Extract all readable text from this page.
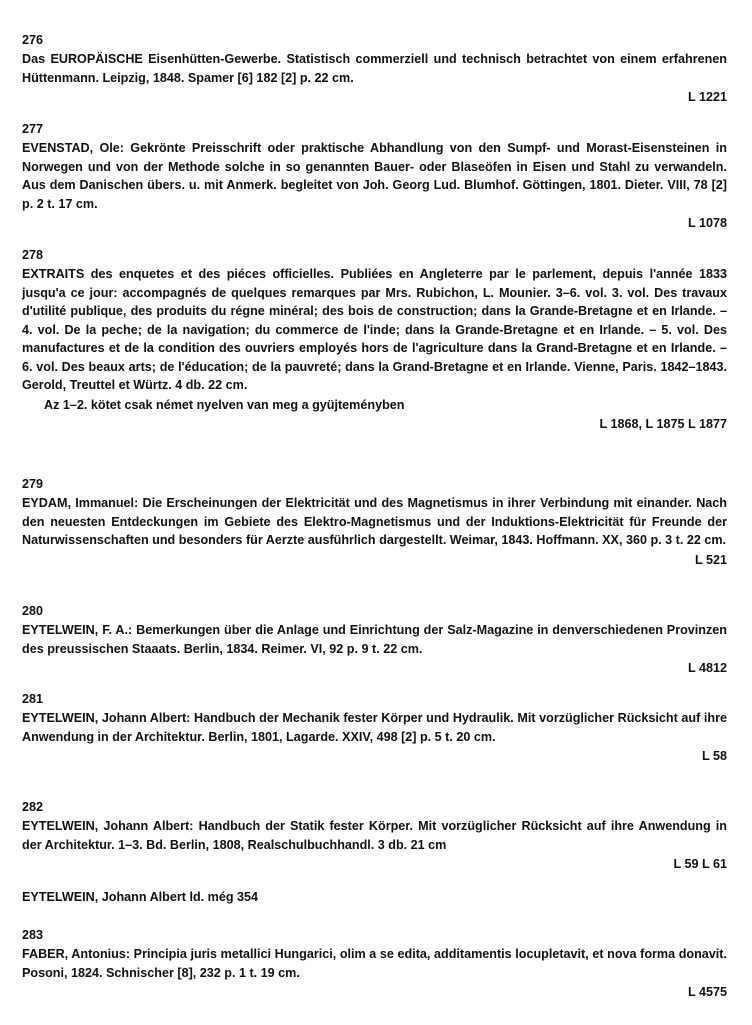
276
Das EUROPÄISCHE Eisenhütten-Gewerbe. Statistisch commerziell und technisch betrachtet von einem erfahrenen Hüttenmann. Leipzig, 1848. Spamer [6] 182 [2] p. 22 cm.
L 1221
277
EVENSTAD, Ole: Gekrönte Preisschrift oder praktische Abhandlung von den Sumpf- und Morast-Eisensteinen in Norwegen und von der Methode solche in so genannten Bauer- oder Blaseöfen in Eisen und Stahl zu verwandeln. Aus dem Danischen übers. u. mit Anmerk. begleitet von Joh. Georg Lud. Blumhof. Göttingen, 1801. Dieter. VIII, 78 [2] p. 2 t. 17 cm.
L 1078
278
EXTRAITS des enquetes et des piéces officielles. Publiées en Angleterre par le parlement, depuis l'année 1833 jusqu'a ce jour: accompagnés de quelques remarques par Mrs. Rubichon, L. Mounier. 3–6. vol. 3. vol. Des travaux d'utilité publique, des produits du régne minéral; des bois de construction; dans la Grande-Bretagne et en Irlande. – 4. vol. De la peche; de la navigation; du commerce de l'inde; dans la Grande-Bretagne et en Irlande. – 5. vol. Des manufactures et de la condition des ouvriers employés hors de l'agriculture dans la Grand-Bretagne et en Irlande. – 6. vol. Des beaux arts; de l'éducation; de la pauvreté; dans la Grand-Bretagne et en Irlande. Vienne, Paris. 1842–1843. Gerold, Treuttel et Würtz. 4 db. 22 cm.
Az 1–2. kötet csak német nyelven van meg a gyüjteményben
L 1868, L 1875 L 1877
279
EYDAM, Immanuel: Die Erscheinungen der Elektricität und des Magnetismus in ihrer Verbindung mit einander. Nach den neuesten Entdeckungen im Gebiete des Elektro-Magnetismus und der Induktions-Elektricität für Freunde der Naturwissenschaften und besonders für Aerzte ausführlich dargestellt. Weimar, 1843. Hoffmann. XX, 360 p. 3 t. 22 cm.
L 521
280
EYTELWEIN, F. A.: Bemerkungen über die Anlage und Einrichtung der Salz-Magazine in denverschiedenen Provinzen des preussischen Staaats. Berlin, 1834. Reimer. VI, 92 p. 9 t. 22 cm.
L 4812
281
EYTELWEIN, Johann Albert: Handbuch der Mechanik fester Körper und Hydraulik. Mit vorzüglicher Rücksicht auf ihre Anwendung in der Architektur. Berlin, 1801, Lagarde. XXIV, 498 [2] p. 5 t. 20 cm.
L 58
282
EYTELWEIN, Johann Albert: Handbuch der Statik fester Körper. Mit vorzüglicher Rücksicht auf ihre Anwendung in der Architektur. 1–3. Bd. Berlin, 1808, Realschulbuchhandl. 3 db. 21 cm
L 59 L 61
EYTELWEIN, Johann Albert ld. még 354
283
FABER, Antonius: Principia juris metallici Hungarici, olim a se edita, additamentis locupletavit, et nova forma donavit. Posoni, 1824. Schnischer [8], 232 p. 1 t. 19 cm.
L 4575
